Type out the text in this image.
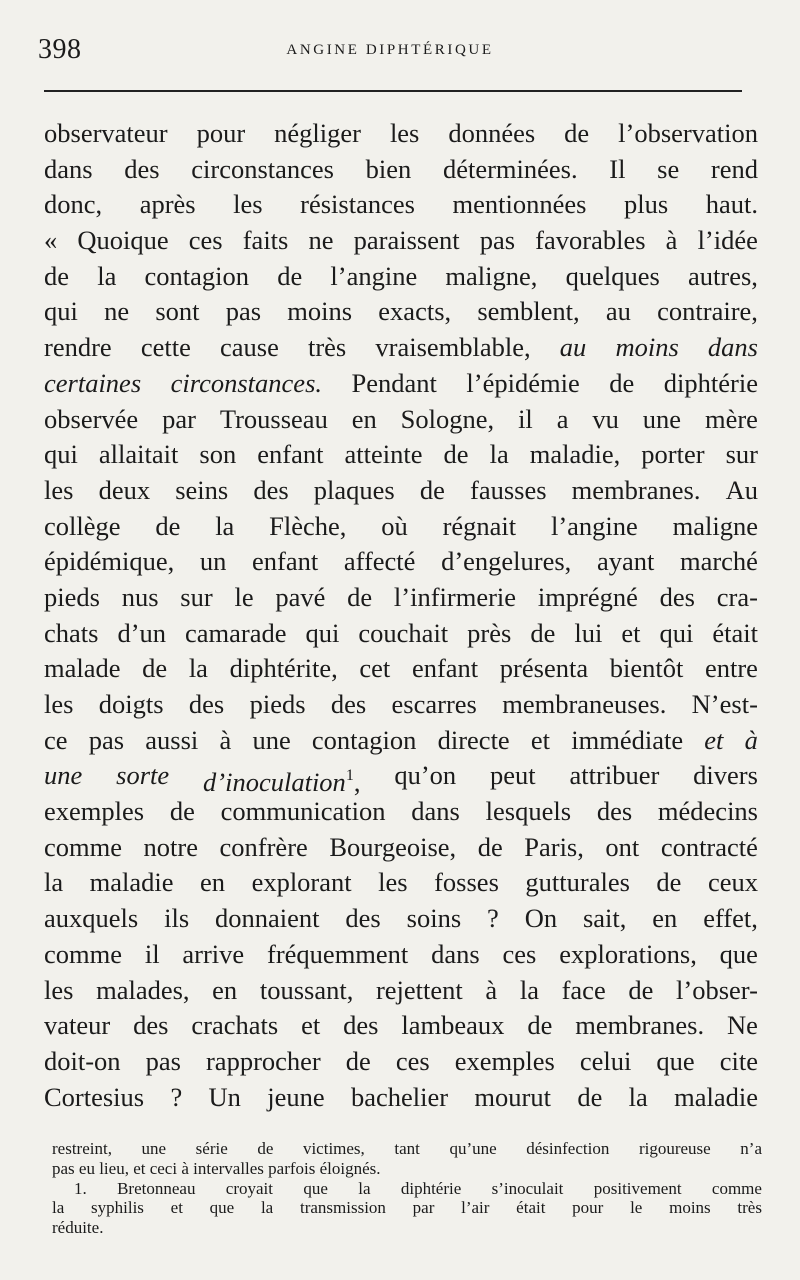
398	ANGINE DIPHTÉRIQUE
observateur pour négliger les données de l’observation
dans des circonstances bien déterminées. Il se rend
donc, après les résistances mentionnées plus haut.
« Quoique ces faits ne paraissent pas favorables à l’idée
de la contagion de l’angine maligne, quelques autres,
qui ne sont pas moins exacts, semblent, au contraire,
rendre cette cause très vraisemblable, au moins dans
certaines circonstances. Pendant l’épidémie de diphtérie
observée par Trousseau en Sologne, il a vu une mère
qui allaitait son enfant atteinte de la maladie, porter sur
les deux seins des plaques de fausses membranes. Au
collège de la Flèche, où régnait l’angine maligne
épidémique, un enfant affecté d’engelures, ayant marché
pieds nus sur le pavé de l’infirmerie imprégné des cra-
chats d’un camarade qui couchait près de lui et qui était
malade de la diphtérite, cet enfant présenta bientôt entre
les doigts des pieds des escarres membraneuses. N’est-
ce pas aussi à une contagion directe et immédiate et à
une sorte d’inoculation$^1$, qu’on peut attribuer divers
exemples de communication dans lesquels des médecins
comme notre confrère Bourgeoise, de Paris, ont contracté
la maladie en explorant les fosses gutturales de ceux
auxquels ils donnaient des soins ? On sait, en effet,
comme il arrive fréquemment dans ces explorations, que
les malades, en toussant, rejettent à la face de l’obser-
vateur des crachats et des lambeaux de membranes. Ne
doit-on pas rapprocher de ces exemples celui que cite
Cortesius ? Un jeune bachelier mourut de la maladie
restreint, une série de victimes, tant qu’une désinfection rigoureuse n’a
pas eu lieu, et ceci à intervalles parfois éloignés.
1. Bretonneau croyait que la diphtérie s’inoculait positivement comme
la syphilis et que la transmission par l’air était pour le moins très
réduite.
